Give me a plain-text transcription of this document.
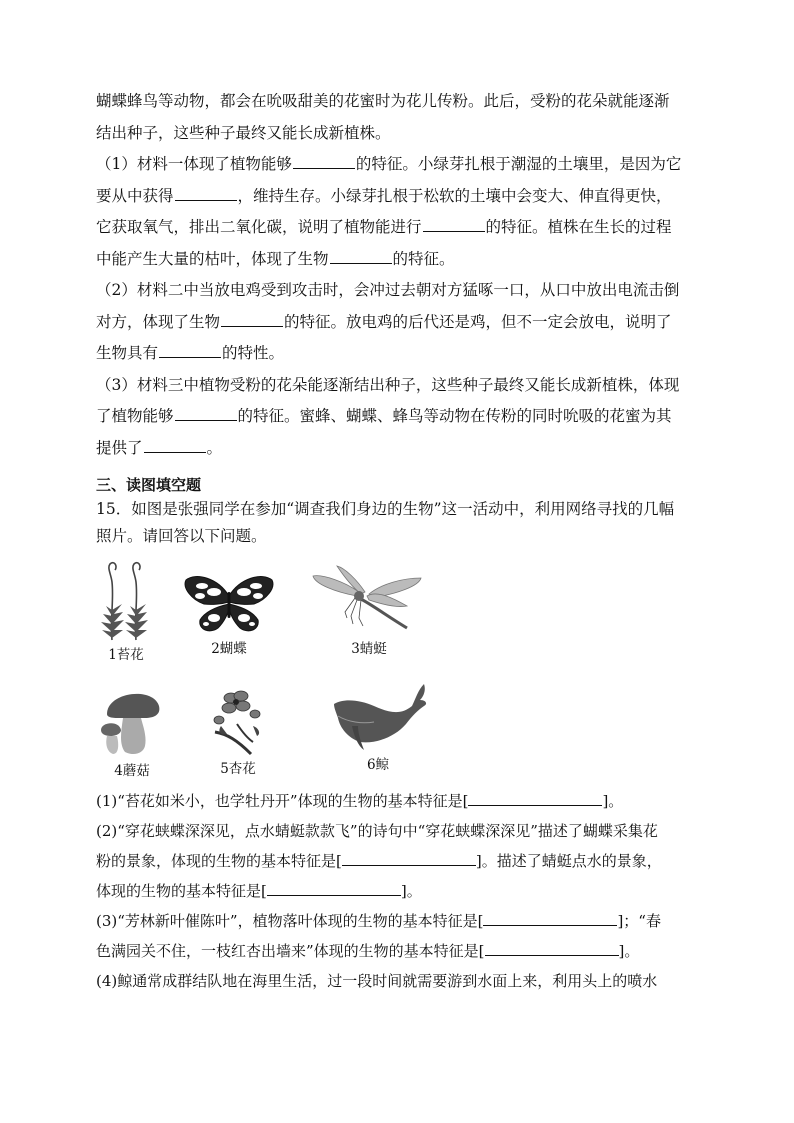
蝴蝶蜂鸟等动物，都会在吮吸甜美的花蜜时为花儿传粉。此后，受粉的花朵就能逐渐
结出种子，这些种子最终又能长成新植株。

（1）材料一体现了植物能够	的特征。小绿芽扎根于潮湿的土壤里，是因为它
要从中获得	，维持生存。小绿芽扎根于松软的土壤中会变大、伸直得更快，
它获取氧气，排出二氧化碳，说明了植物能进行	的特征。植株在生长的过程
中能产生大量的枯叶，体现了生物	的特征。

（2）材料二中当放电鸡受到攻击时，会冲过去朝对方猛啄一口，从口中放出电流击倒
对方，体现了生物	的特征。放电鸡的后代还是鸡，但不一定会放电，说明了
生物具有	的特性。

（3）材料三中植物受粉的花朵能逐渐结出种子，这些种子最终又能长成新植株，体现
了植物能够	的特征。蜜蜂、蝴蝶、蜂鸟等动物在传粉的同时吮吸的花蜜为其
提供了	。

三、读图填空题

15．如图是张强同学在参加“调查我们身边的生物”这一活动中，利用网络寻找的几幅
照片。请回答以下问题。

1苔花	2蝴蝶	3蜻蜓
4蘑菇	5杏花	6鲸

(1)“苔花如米小，也学牡丹开”体现的生物的基本特征是[	]。

(2)“穿花蛱蝶深深见，点水蜻蜓款款飞”的诗句中“穿花蛱蝶深深见”描述了蝴蝶采集花
粉的景象，体现的生物的基本特征是[	]。描述了蜻蜓点水的景象，
体现的生物的基本特征是[	]。

(3)“芳林新叶催陈叶”，植物落叶体现的生物的基本特征是[	]；“春
色满园关不住，一枝红杏出墙来”体现的生物的基本特征是[	]。

(4)鲸通常成群结队地在海里生活，过一段时间就需要游到水面上来，利用头上的喷水
